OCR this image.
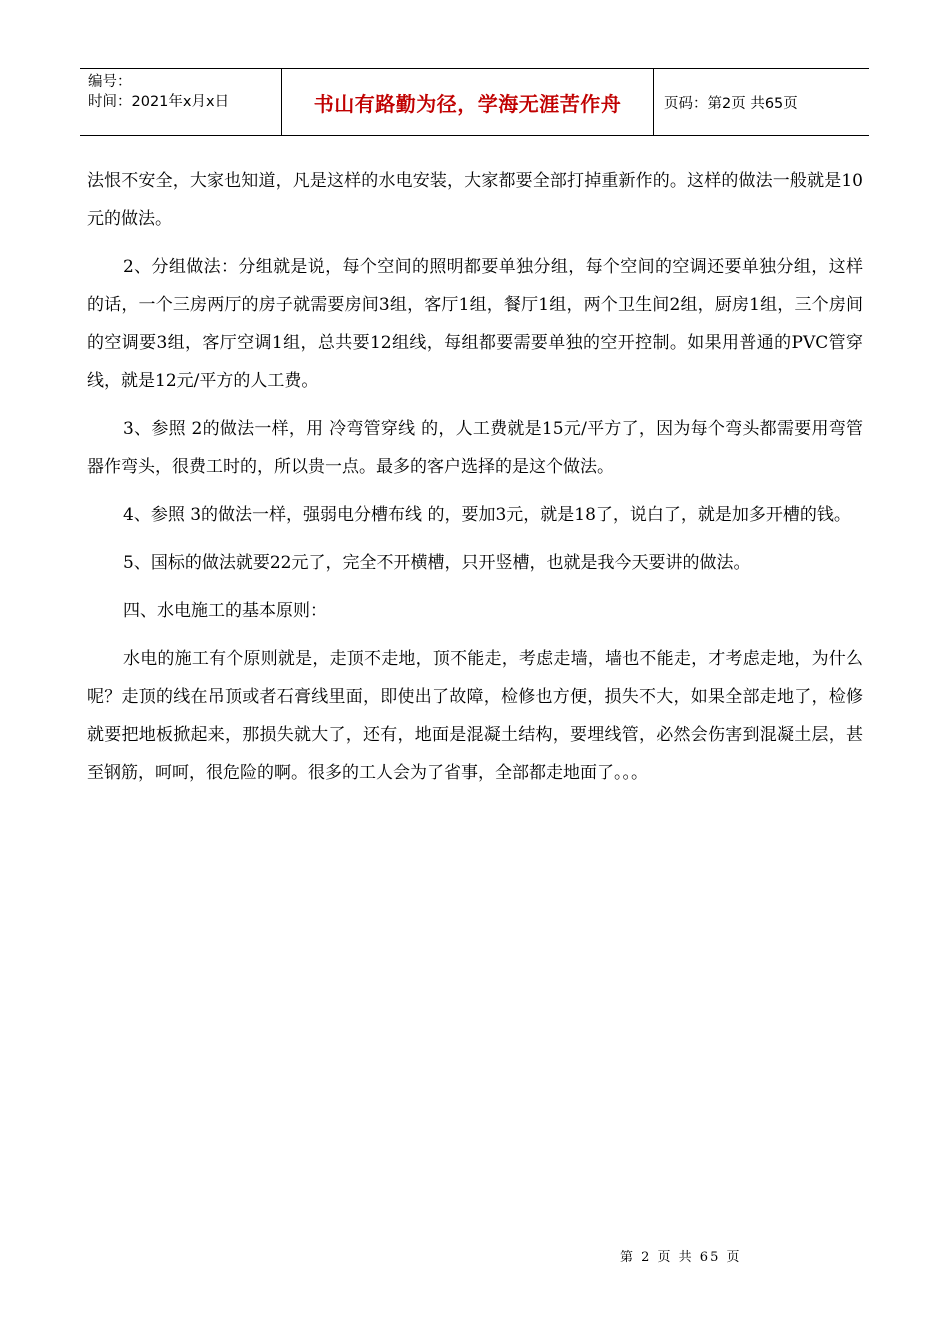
编号：
时间：2021年x月x日	书山有路勤为径，学海无涯苦作舟	页码：第2页 共65页

法恨不安全，大家也知道，凡是这样的水电安装，大家都要全部打掉重新作的。这样的做法一般就是10元的做法。

2、分组做法：分组就是说，每个空间的照明都要单独分组，每个空间的空调还要单独分组，这样的话，一个三房两厅的房子就需要房间3组，客厅1组，餐厅1组，两个卫生间2组，厨房1组，三个房间的空调要3组，客厅空调1组，总共要12组线，每组都要需要单独的空开控制。如果用普通的PVC管穿线，就是12元/平方的人工费。

3、参照 2的做法一样，用 冷弯管穿线 的，人工费就是15元/平方了，因为每个弯头都需要用弯管器作弯头，很费工时的，所以贵一点。最多的客户选择的是这个做法。

4、参照 3的做法一样，强弱电分槽布线 的，要加3元，就是18了，说白了，就是加多开槽的钱。

5、国标的做法就要22元了，完全不开横槽，只开竖槽，也就是我今天要讲的做法。

四、水电施工的基本原则：

水电的施工有个原则就是，走顶不走地，顶不能走，考虑走墙，墙也不能走，才考虑走地，为什么呢？走顶的线在吊顶或者石膏线里面，即使出了故障，检修也方便，损失不大，如果全部走地了，检修就要把地板掀起来，那损失就大了，还有，地面是混凝土结构，要埋线管，必然会伤害到混凝土层，甚至钢筋，呵呵，很危险的啊。很多的工人会为了省事，全部都走地面了。。。

第 2 页 共 65 页
